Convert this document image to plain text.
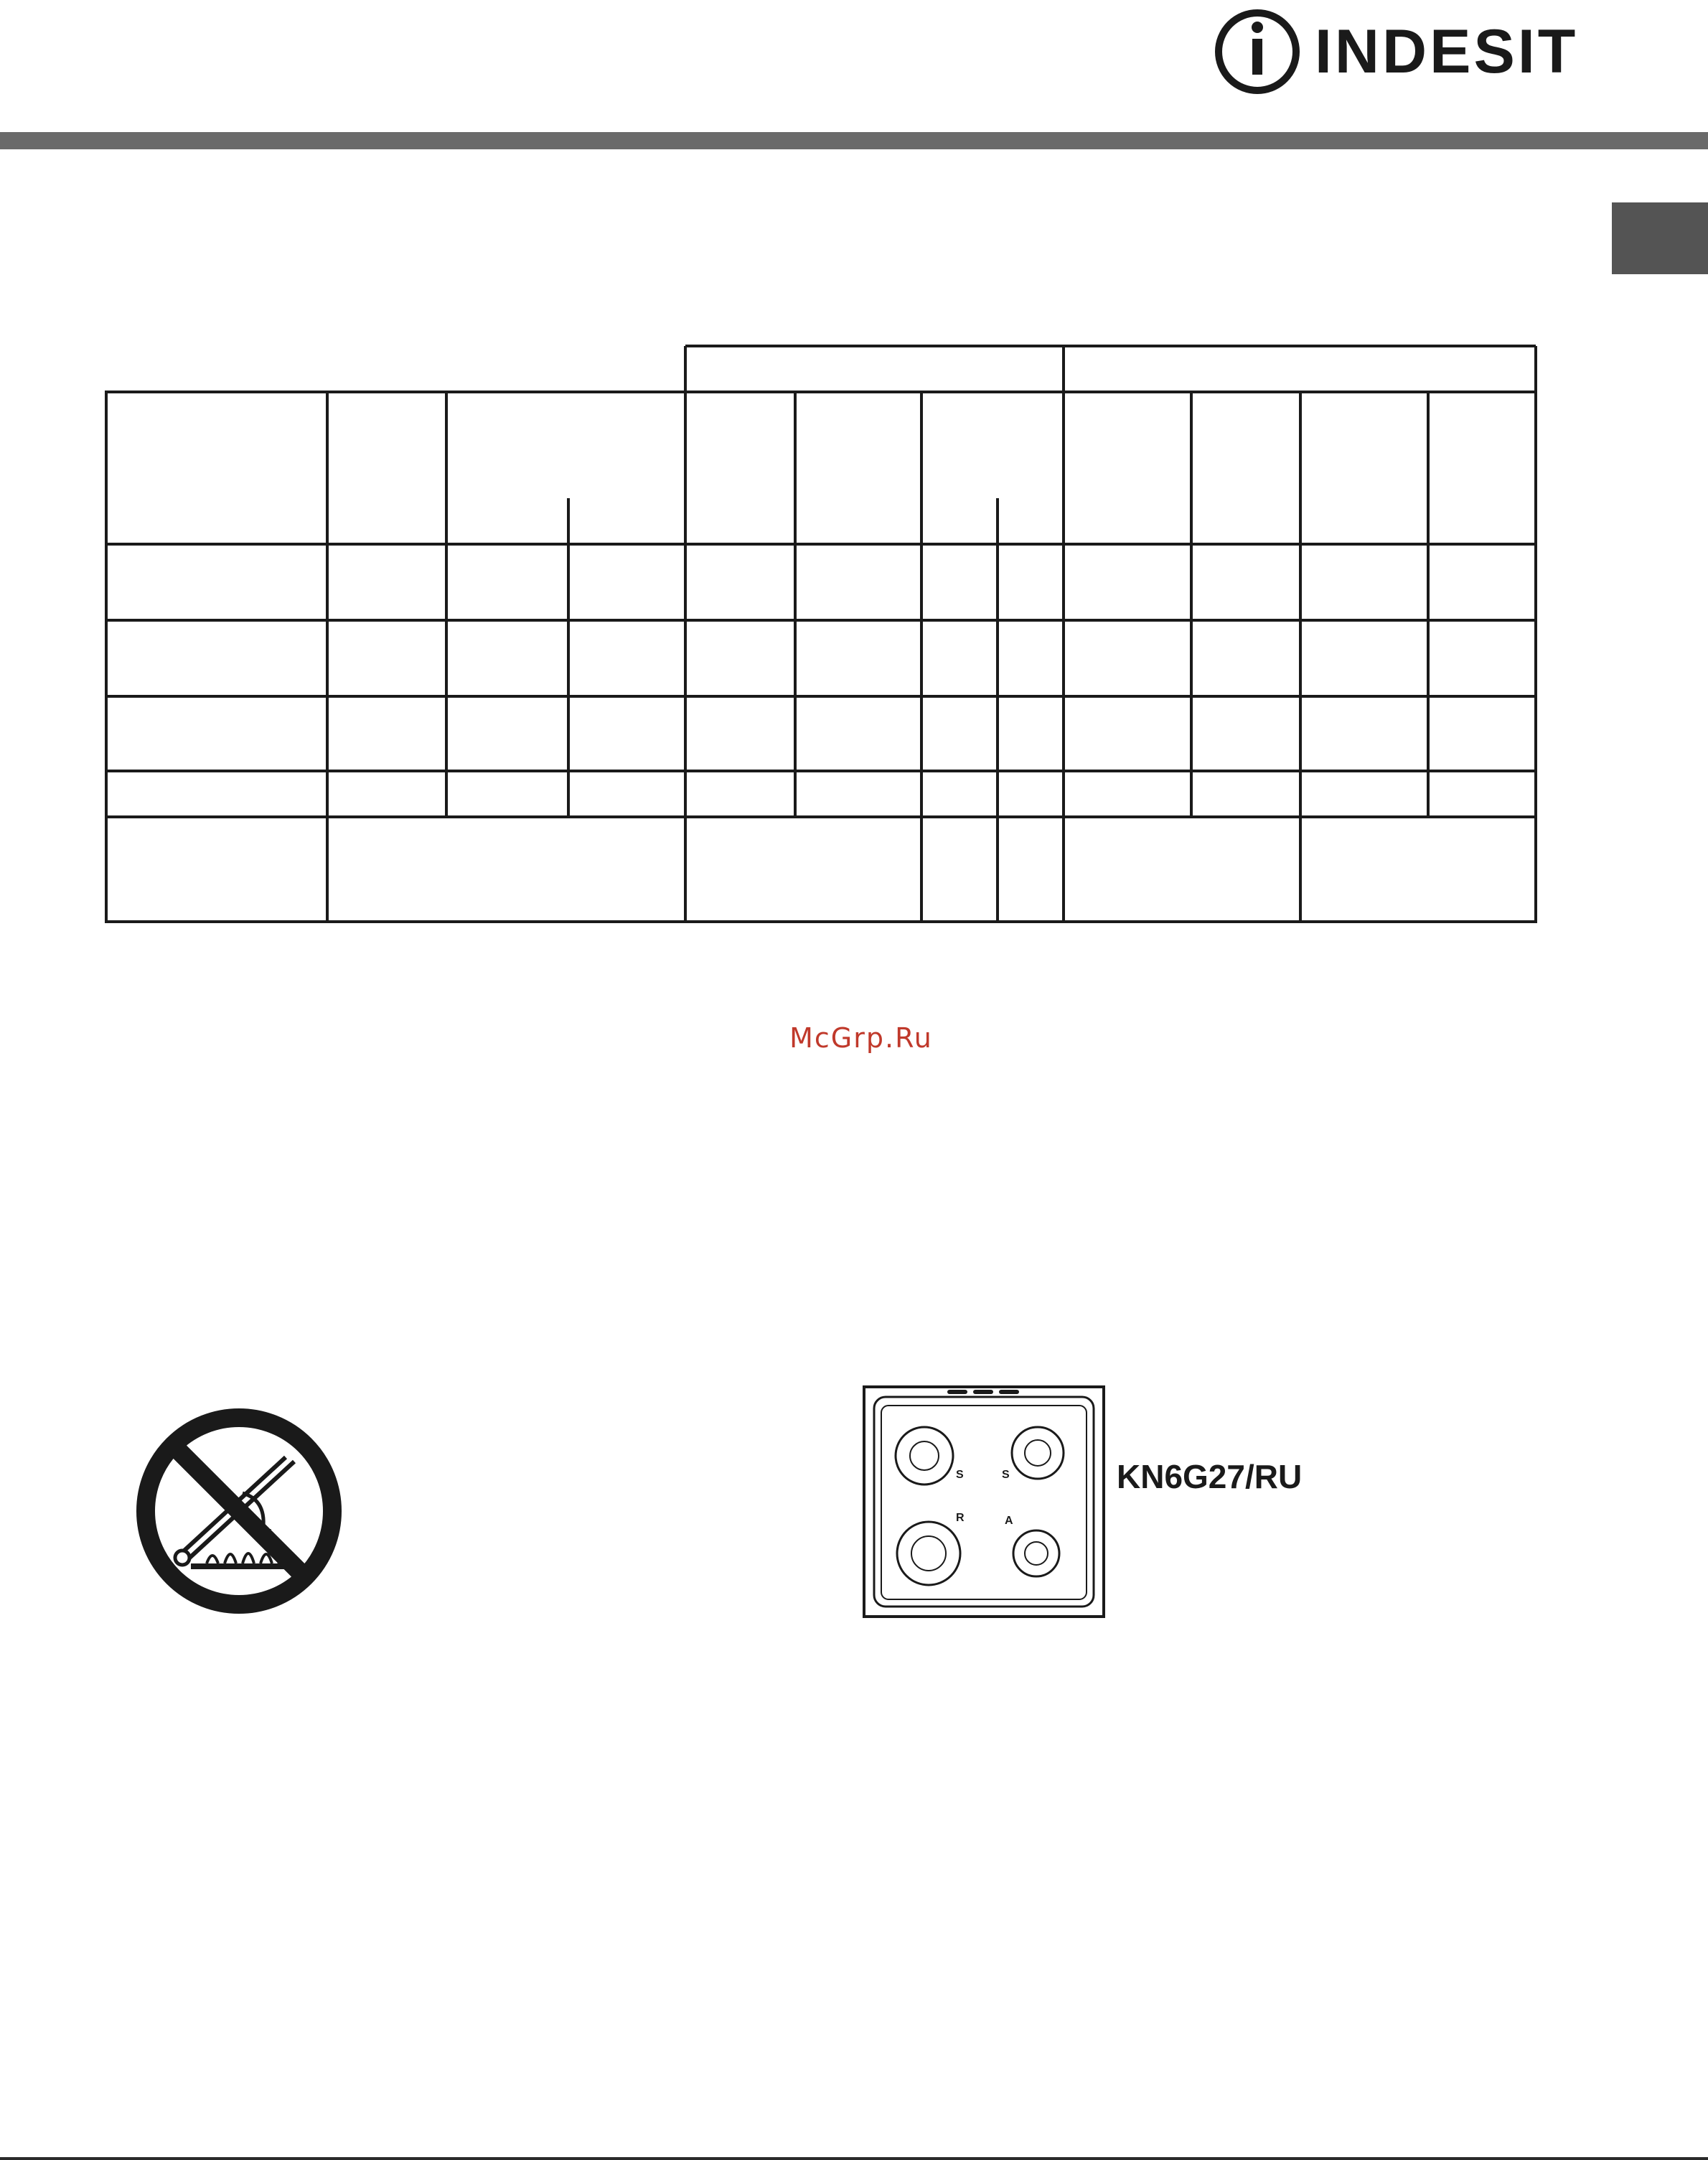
INDESIT
McGrp.Ru
S	S
R	A
KN6G27/RU
